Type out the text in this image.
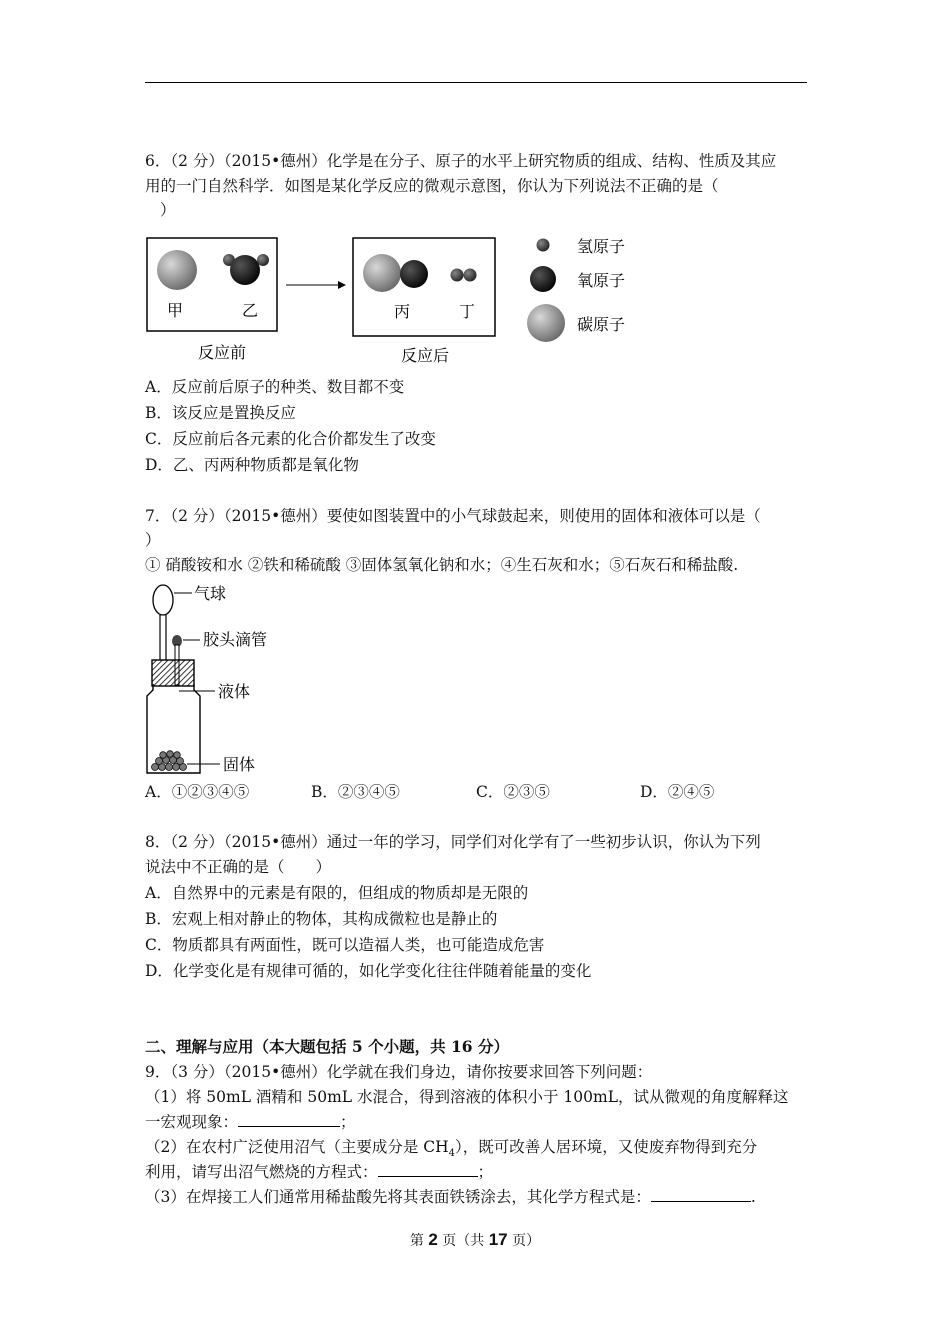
6．（2 分）（2015•德州）化学是在分子、原子的水平上研究物质的组成、结构、性质及其应
用的一门自然科学．如图是某化学反应的微观示意图，你认为下列说法不正确的是（
）
甲	乙	丙	丁
反应前	反应后
氢原子
氧原子
碳原子
A．反应前后原子的种类、数目都不变
B．该反应是置换反应
C．反应前后各元素的化合价都发生了改变
D．乙、丙两种物质都是氧化物
7．（2 分）（2015•德州）要使如图装置中的小气球鼓起来，则使用的固体和液体可以是（
）
① 硝酸铵和水 ②铁和稀硫酸 ③固体氢氧化钠和水；④生石灰和水；⑤石灰石和稀盐酸.
气球
胶头滴管
液体
固体
A．①②③④⑤	B．②③④⑤	C．②③⑤	D．②④⑤
8．（2 分）（2015•德州）通过一年的学习，同学们对化学有了一些初步认识，你认为下列
说法中不正确的是（　　）
A．自然界中的元素是有限的，但组成的物质却是无限的
B．宏观上相对静止的物体，其构成微粒也是静止的
C．物质都具有两面性，既可以造福人类，也可能造成危害
D．化学变化是有规律可循的，如化学变化往往伴随着能量的变化
二、理解与应用（本大题包括 5 个小题，共 16 分）
9．（3 分）（2015•德州）化学就在我们身边，请你按要求回答下列问题：
（1）将 50mL 酒精和 50mL 水混合，得到溶液的体积小于 100mL，试从微观的角度解释这
一宏观现象：	；
（2）在农村广泛使用沼气（主要成分是 $CH_4$），既可改善人居环境，又使废弃物得到充分
利用，请写出沼气燃烧的方程式：	；
（3）在焊接工人们通常用稀盐酸先将其表面铁锈涂去，其化学方程式是：	.
第 2 页（共 17 页）
